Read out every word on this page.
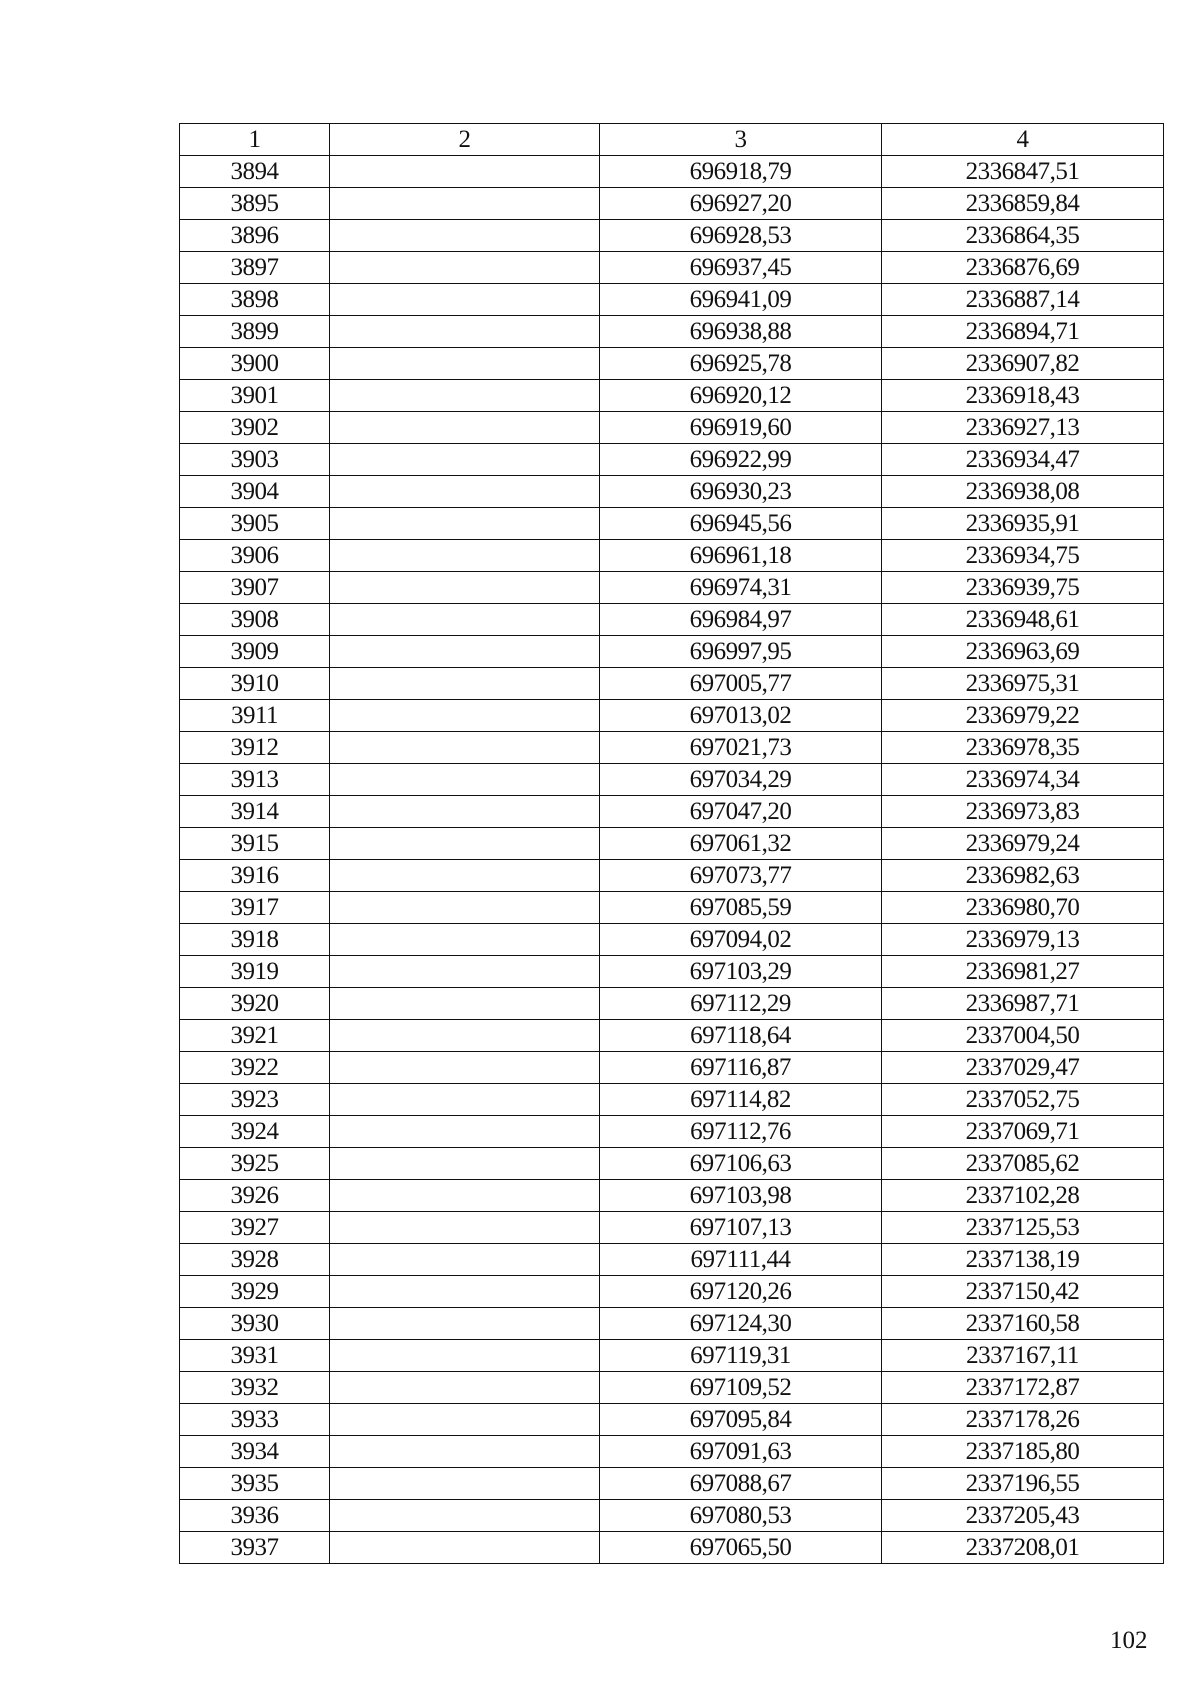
1	2	3	4
3894		696918,79	2336847,51
3895		696927,20	2336859,84
3896		696928,53	2336864,35
3897		696937,45	2336876,69
3898		696941,09	2336887,14
3899		696938,88	2336894,71
3900		696925,78	2336907,82
3901		696920,12	2336918,43
3902		696919,60	2336927,13
3903		696922,99	2336934,47
3904		696930,23	2336938,08
3905		696945,56	2336935,91
3906		696961,18	2336934,75
3907		696974,31	2336939,75
3908		696984,97	2336948,61
3909		696997,95	2336963,69
3910		697005,77	2336975,31
3911		697013,02	2336979,22
3912		697021,73	2336978,35
3913		697034,29	2336974,34
3914		697047,20	2336973,83
3915		697061,32	2336979,24
3916		697073,77	2336982,63
3917		697085,59	2336980,70
3918		697094,02	2336979,13
3919		697103,29	2336981,27
3920		697112,29	2336987,71
3921		697118,64	2337004,50
3922		697116,87	2337029,47
3923		697114,82	2337052,75
3924		697112,76	2337069,71
3925		697106,63	2337085,62
3926		697103,98	2337102,28
3927		697107,13	2337125,53
3928		697111,44	2337138,19
3929		697120,26	2337150,42
3930		697124,30	2337160,58
3931		697119,31	2337167,11
3932		697109,52	2337172,87
3933		697095,84	2337178,26
3934		697091,63	2337185,80
3935		697088,67	2337196,55
3936		697080,53	2337205,43
3937		697065,50	2337208,01
102
